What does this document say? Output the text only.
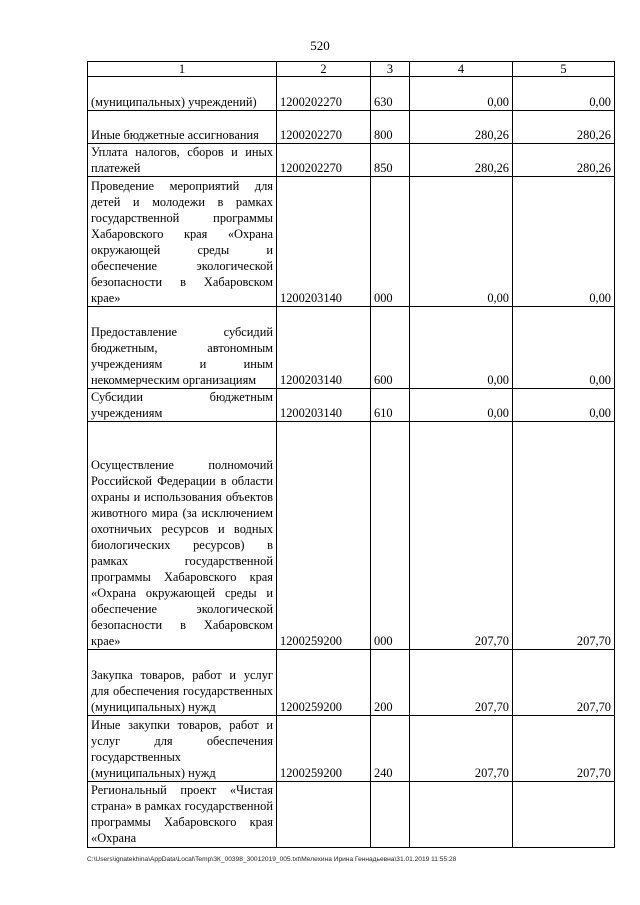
520
1	2	3	4	5
(муниципальных) учреждений)	1200202270	630	0,00	0,00
Иные бюджетные ассигнования	1200202270	800	280,26	280,26
Уплата налогов, сборов и иных платежей	1200202270	850	280,26	280,26
Проведение мероприятий для детей и молодежи в рамках государственной программы Хабаровского края «Охрана окружающей среды и обеспечение экологической безопасности в Хабаровском крае»	1200203140	000	0,00	0,00
Предоставление субсидий бюджетным, автономным учреждениям и иным некоммерческим организациям	1200203140	600	0,00	0,00
Субсидии бюджетным учреждениям	1200203140	610	0,00	0,00
Осуществление полномочий Российской Федерации в области охраны и использования объектов животного мира (за исключением охотничьих ресурсов и водных биологических ресурсов) в рамках государственной программы Хабаровского края «Охрана окружающей среды и обеспечение экологической безопасности в Хабаровском крае»	1200259200	000	207,70	207,70
Закупка товаров, работ и услуг для обеспечения государственных (муниципальных) нужд	1200259200	200	207,70	207,70
Иные закупки товаров, работ и услуг для обеспечения государственных (муниципальных) нужд	1200259200	240	207,70	207,70
Региональный проект «Чистая страна» в рамках государственной программы Хабаровского края «Охрана				
C:\Users\ignatekhina\AppData\Local\Temp\ЗК_00398_30012019_005.txt\Мелехина Ирина Геннадьевна\31.01.2019 11:55:28
